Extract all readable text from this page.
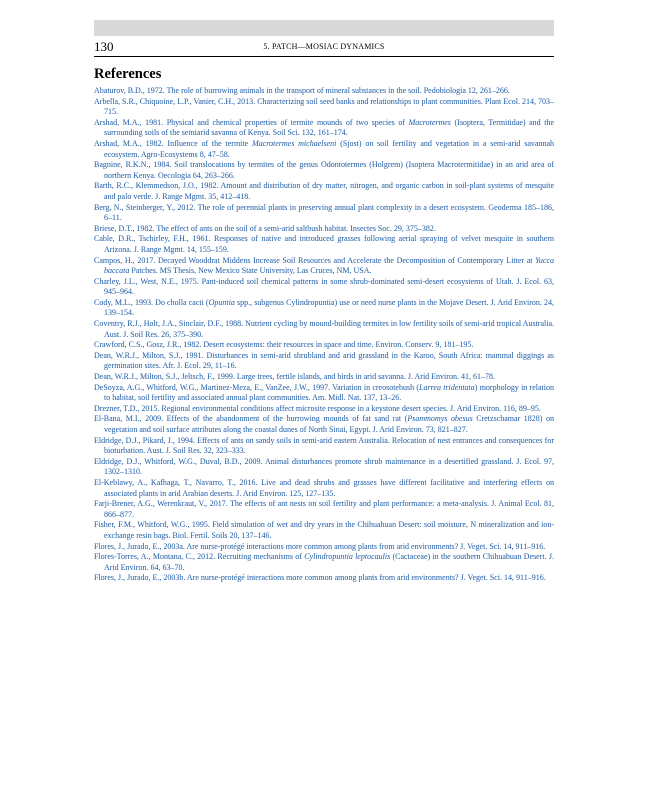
130	5. PATCH—MOSIAC DYNAMICS
References
Abaturov, B.D., 1972. The role of burrowing animals in the transport of mineral substances in the soil. Pedobiologia 12, 261–266.
Arbella, S.R., Chiquoine, L.P., Vanier, C.H., 2013. Characterizing soil seed banks and relationships to plant communities. Plant Ecol. 214, 703–715.
Arshad, M.A., 1981. Physical and chemical properties of termite mounds of two species of Macrotermes (Isoptera, Termitidae) and the surrounding soils of the semiarid savanna of Kenya. Soil Sci. 132, 161–174.
Arshad, M.A., 1982. Influence of the termite Macrotermes michaelseni (Sjost) on soil fertility and vegetation in a semi-arid savannah ecosystem. Agro-Ecosystems 8, 47–58.
Bagnine, R.K.N., 1984. Soil translocations by termites of the genus Odontotermes (Holgrem) (Isoptera Macrotermitidae) in an arid area of northern Kenya. Oecologia 64, 263–266.
Barth, R.C., Klemmedson, J.O., 1982. Amount and distribution of dry matter, nitrogen, and organic carbon in soil-plant systems of mesquite and palo verde. J. Range Mgmt. 35, 412–418.
Berg, N., Steinberger, Y., 2012. The role of perennial plants in preserving annual plant complexity in a desert ecosystem. Geoderma 185–186, 6–11.
Briese, D.T., 1982. The effect of ants on the soil of a semi-arid saltbush habitat. Insectes Soc. 29, 375–382.
Cable, D.R., Tschirley, F.H., 1961. Responses of native and introduced grasses following aerial spraying of velvet mesquite in southern Arizona. J. Range Mgmt. 14, 155–159.
Campos, H., 2017. Decayed Wooddrat Middens Increase Soil Resources and Accelerate the Decomposition of Contemporary Litter at Yucca baccata Patches. MS Thesis, New Mexico State University, Las Cruces, NM, USA.
Charley, J.L., West, N.E., 1975. Pant-induced soil chemical patterns in some shrub-dominated semi-desert ecosystems of Utah. J. Ecol. 63, 945–964.
Cody, M.L., 1993. Do cholla cacti (Opuntia spp., subgenus Cylindropuntia) use or need nurse plants in the Mojave Desert. J. Arid Environ. 24, 139–154.
Coventry, R.J., Holt, J.A., Sinclair, D.F., 1988. Nutrient cycling by mound-building termites in low fertility soils of semi-arid tropical Australia. Aust. J. Soil Res. 26, 375–390.
Crawford, C.S., Gosz, J.R., 1982. Desert ecosystems: their resources in space and time. Environ. Conserv. 9, 181–195.
Dean, W.R.J., Milton, S.J., 1991. Disturbances in semi-arid shrubland and arid grassland in the Karoo, South Africa: mammal diggings as germination sites. Afr. J. Ecol. 29, 11–16.
Dean, W.R.J., Milton, S.J., Jeltsch, F., 1999. Large trees, fertile islands, and birds in arid savanna. J. Arid Environ. 41, 61–78.
DeSoyza, A.G., Whitford, W.G., Martinez-Meza, E., VanZee, J.W., 1997. Variation in creosotebush (Larrea tridentata) morphology in relation to habitat, soil fertility and associated annual plant communities. Am. Midl. Nat. 137, 13–26.
Drezner, T.D., 2015. Regional environmental conditions affect microsite response in a keystone desert species. J. Arid Environ. 116, 89–95.
El-Bana, M.I., 2009. Effects of the abandonment of the burrowing mounds of fat sand rat (Psammomys obesus Cretzschamar 1828) on vegetation and soil surface attributes along the coastal dunes of North Sinai, Egypt. J. Arid Environ. 73, 821–827.
Eldridge, D.J., Pikard, J., 1994. Effects of ants on sandy soils in semi-arid eastern Australia. Relocation of nest entrances and consequences for bioturbation. Aust. J. Soil Res. 32, 323–333.
Eldridge, D.J., Whitford, W.G., Duval, B.D., 2009. Animal disturbances promote shrub maintenance in a desertified grassland. J. Ecol. 97, 1302–1310.
El-Keblawy, A., Kafhaga, T., Navarro, T., 2016. Live and dead shrubs and grasses have different facilitative and interfering effects on associated plants in arid Arabian deserts. J. Arid Environ. 125, 127–135.
Farji-Brener, A.G., Werenkraut, V., 2017. The effects of ant nests on soil fertility and plant performance: a meta-analysis. J. Animal Ecol. 81, 866–877.
Fisher, F.M., Whitford, W.G., 1995. Field simulation of wet and dry years in the Chihuahuan Desert: soil moisture, N mineralization and ion-exchange resin bags. Biol. Fertil. Soils 20, 137–146.
Flores, J., Jurado, E., 2003a. Are nurse-protégé interactions more common among plants from arid environments? J. Veget. Sci. 14, 911–916.
Flores-Torres, A., Montana, C., 2012. Recruiting mechanisms of Cylindropuntia leptocaulis (Cactaceae) in the southern Chihuahuan Desert. J. Arid Environ. 64, 63–70.
Flores, J., Jurado, E., 2003b. Are nurse-protégé interactions more common among plants from arid environments? J. Veget. Sci. 14, 911–916.
